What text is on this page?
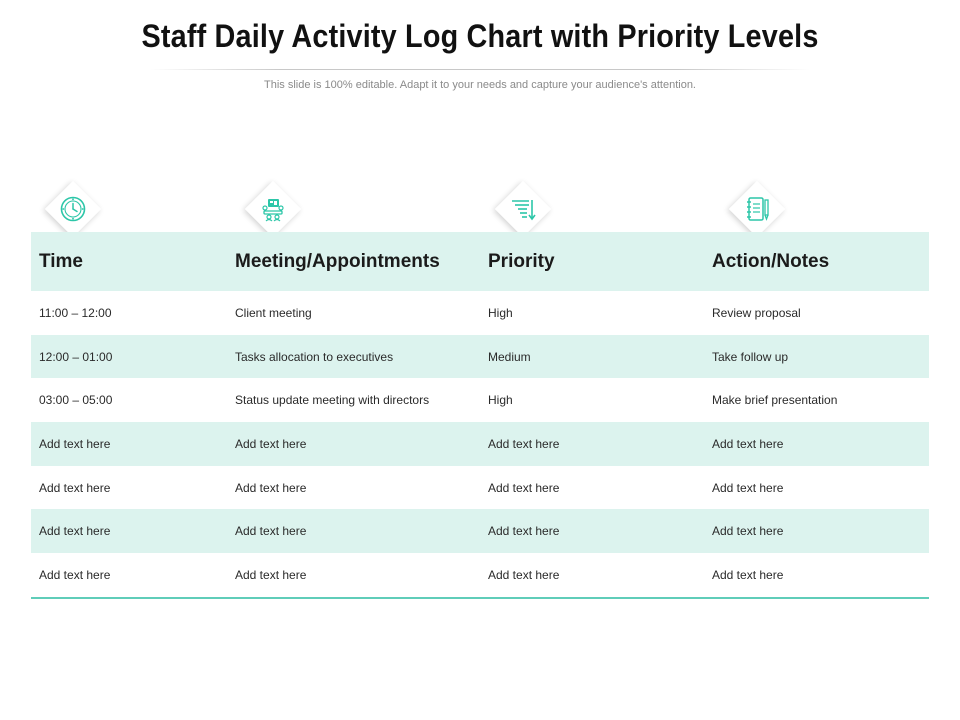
Staff Daily Activity Log Chart with Priority Levels
This slide is 100% editable. Adapt it to your needs and capture your audience's attention.
Time	Meeting/Appointments	Priority	Action/Notes
11:00 – 12:00	Client meeting	High	Review proposal
12:00 – 01:00	Tasks allocation to executives	Medium	Take follow up
03:00 – 05:00	Status update meeting with directors	High	Make brief presentation
Add text here	Add text here	Add text here	Add text here
Add text here	Add text here	Add text here	Add text here
Add text here	Add text here	Add text here	Add text here
Add text here	Add text here	Add text here	Add text here
